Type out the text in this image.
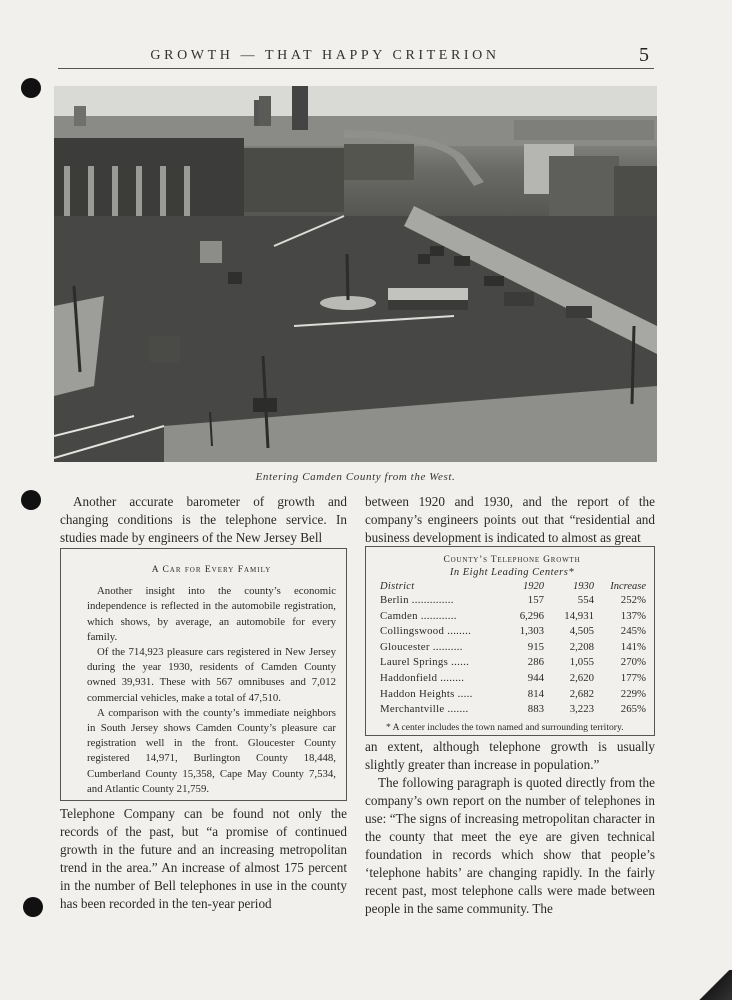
GROWTH — THAT HAPPY CRITERION	5
Entering Camden County from the West.

Another accurate barometer of growth and changing conditions is the telephone service. In studies made by engineers of the New Jersey Bell

A Car for Every Family

Another insight into the county’s economic independence is reflected in the automobile registration, which shows, by average, an automobile for every family.

Of the 714,923 pleasure cars registered in New Jersey during the year 1930, residents of Camden County owned 39,931. These with 567 omnibuses and 7,012 commercial vehicles, make a total of 47,510.

A comparison with the county’s immediate neighbors in South Jersey shows Camden County’s pleasure car registration well in the front. Gloucester County registered 14,971, Burlington County 18,448, Cumberland County 15,358, Cape May County 7,534, and Atlantic County 21,759.

Telephone Company can be found not only the records of the past, but “a promise of continued growth in the future and an increasing metropolitan trend in the area.” An increase of almost 175 percent in the number of Bell telephones in use in the county has been recorded in the ten-year period

between 1920 and 1930, and the report of the company’s engineers points out that “residential and business development is indicated to almost as great

County’s Telephone Growth
In Eight Leading Centers*
District	1920	1930	Increase
Berlin ..............	157	554	252%
Camden ............	6,296	14,931	137%
Collingswood ........	1,303	4,505	245%
Gloucester ..........	915	2,208	141%
Laurel Springs ......	286	1,055	270%
Haddonfield ........	944	2,620	177%
Haddon Heights .....	814	2,682	229%
Merchantville .......	883	3,223	265%
* A center includes the town named and surrounding territory.

an extent, although telephone growth is usually slightly greater than increase in population.”

The following paragraph is quoted directly from the company’s own report on the number of telephones in use: “The signs of increasing metropolitan character in the county that meet the eye are given technical foundation in records which show that people’s ‘telephone habits’ are changing rapidly. In the fairly recent past, most telephone calls were made between people in the same community. The
